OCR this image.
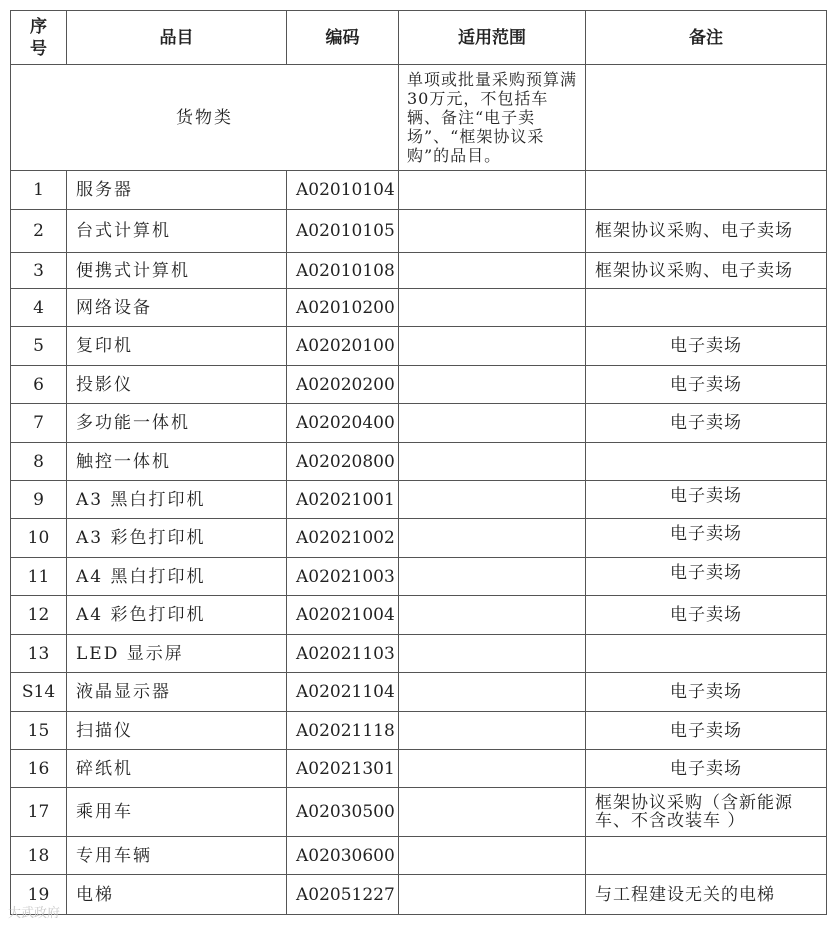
序号	品目	编码	适用范围	备注
货物类			单项或批量采购预算满30万元，不包括车辆、备注“电子卖场”、“框架协议采购”的品目。	
1	服务器	A02010104		
2	台式计算机	A02010105		框架协议采购、电子卖场
3	便携式计算机	A02010108		框架协议采购、电子卖场
4	网络设备	A02010200		
5	复印机	A02020100		电子卖场
6	投影仪	A02020200		电子卖场
7	多功能一体机	A02020400		电子卖场
8	触控一体机	A02020800		
9	A3 黑白打印机	A02021001		电子卖场
10	A3 彩色打印机	A02021002		电子卖场
11	A4 黑白打印机	A02021003		电子卖场
12	A4 彩色打印机	A02021004		电子卖场
13	LED 显示屏	A02021103		
S14	液晶显示器	A02021104		电子卖场
15	扫描仪	A02021118		电子卖场
16	碎纸机	A02021301		电子卖场
17	乘用车	A02030500		框架协议采购（含新能源车、不含改装车 ）
18	专用车辆	A02030600		
19	电梯	A02051227		与工程建设无关的电梯
大武政府
